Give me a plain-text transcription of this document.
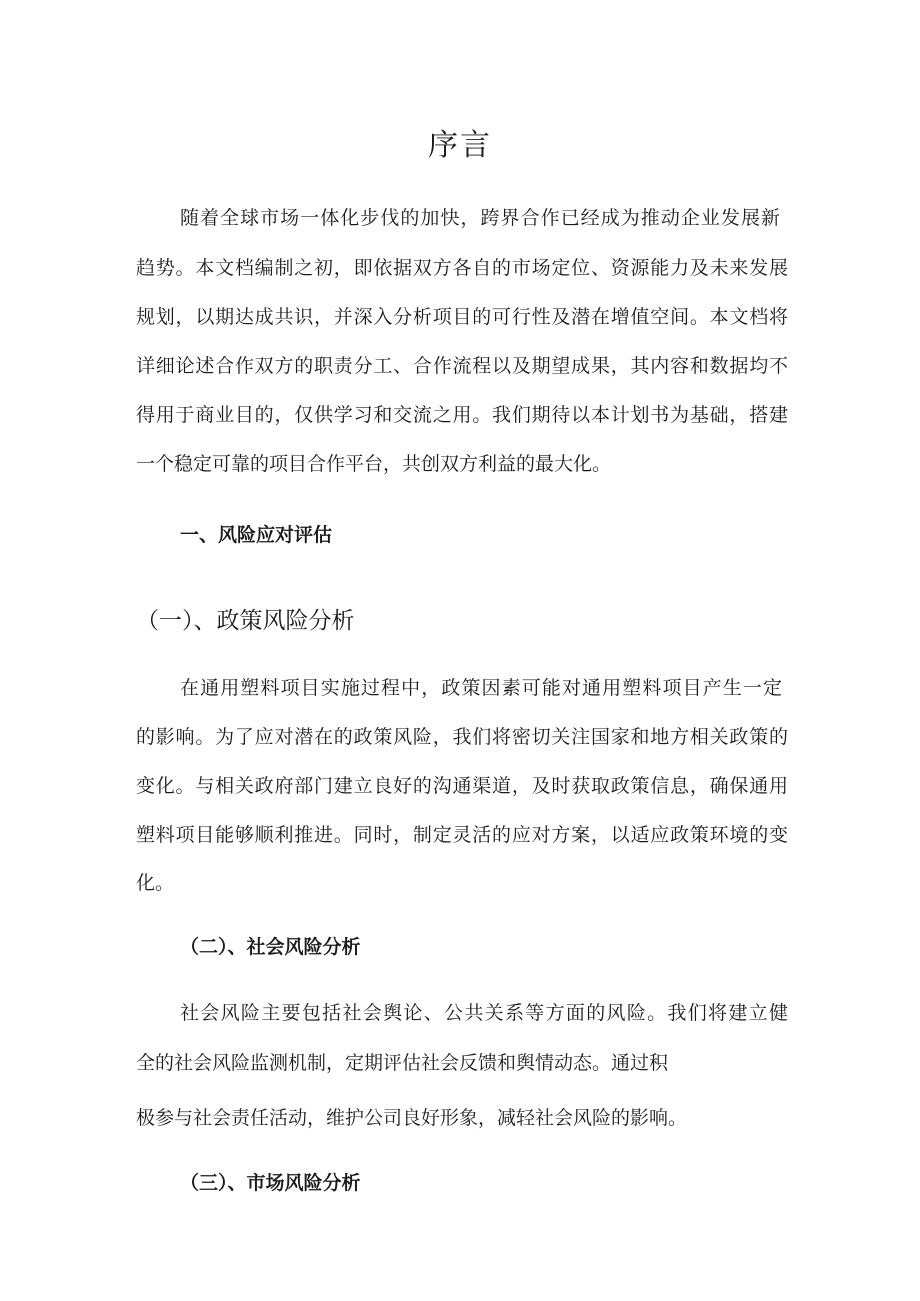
序言
随着全球市场一体化步伐的加快，跨界合作已经成为推动企业发展新
趋势。本文档编制之初，即依据双方各自的市场定位、资源能力及未来发展
规划，以期达成共识，并深入分析项目的可行性及潜在增值空间。本文档将
详细论述合作双方的职责分工、合作流程以及期望成果，其内容和数据均不
得用于商业目的，仅供学习和交流之用。我们期待以本计划书为基础，搭建
一个稳定可靠的项目合作平台，共创双方利益的最大化。
一、风险应对评估
（一）、政策风险分析
在通用塑料项目实施过程中，政策因素可能对通用塑料项目产生一定
的影响。为了应对潜在的政策风险，我们将密切关注国家和地方相关政策的
变化。与相关政府部门建立良好的沟通渠道，及时获取政策信息，确保通用
塑料项目能够顺利推进。同时，制定灵活的应对方案，以适应政策环境的变
化。
（二）、社会风险分析
社会风险主要包括社会舆论、公共关系等方面的风险。我们将建立健
全的社会风险监测机制，定期评估社会反馈和舆情动态。通过积
极参与社会责任活动，维护公司良好形象，减轻社会风险的影响。
（三）、市场风险分析
